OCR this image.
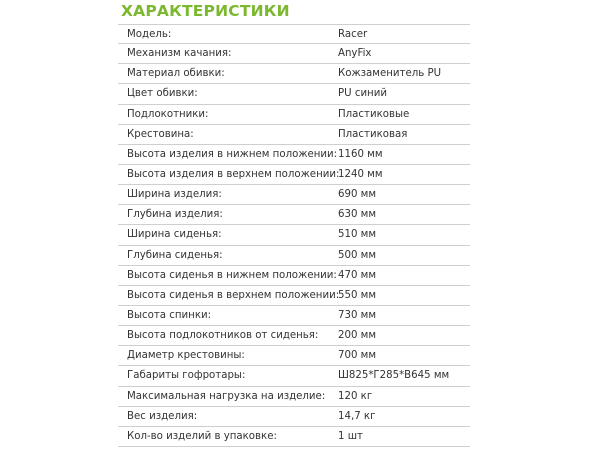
ХАРАКТЕРИСТИКИ
Модель:	Racer
Механизм качания:	AnyFix
Материал обивки:	Кожзаменитель PU
Цвет обивки:	PU синий
Подлокотники:	Пластиковые
Крестовина:	Пластиковая
Высота изделия в нижнем положении: 1160 мм
Высота изделия в верхнем положении:
1240 мм
Ширина изделия:	690 мм
Глубина изделия:	630 мм
Ширина сиденья:	510 мм
Глубина сиденья:	500 мм
Высота сиденья в нижнем положении: 470 мм
Высота сиденья в верхнем положении:
550 мм
Высота спинки:	730 мм
Высота подлокотников от сиденья: 200 мм
Диаметр крестовины:	700 мм
Габариты гофротары:	Ш825*Г285*В645 мм
Максимальная нагрузка на изделие: 120 кг
Вес изделия:	14,7 кг
Кол-во изделий в упаковке:	1 шт
